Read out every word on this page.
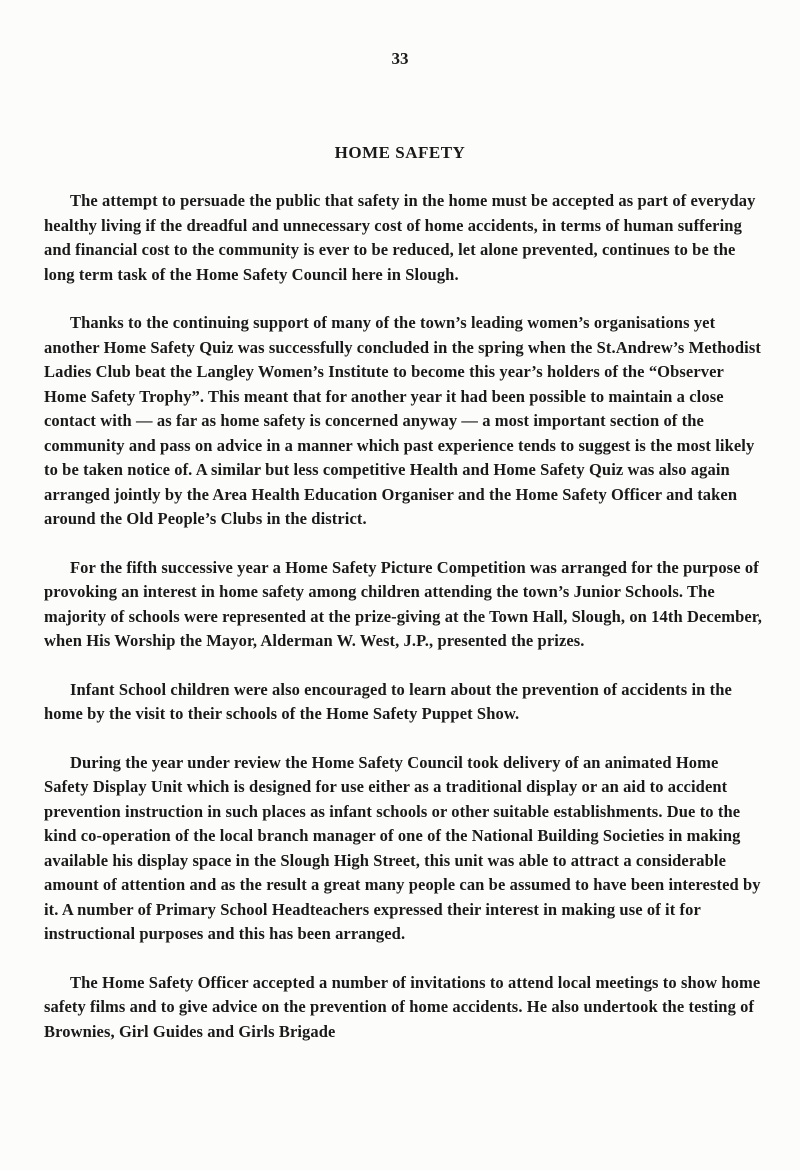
33
HOME SAFETY

The attempt to persuade the public that safety in the home must be accepted as part of everyday healthy living if the dreadful and unnecessary cost of home accidents, in terms of human suffering and financial cost to the community is ever to be reduced, let alone prevented, continues to be the long term task of the Home Safety Council here in Slough.

Thanks to the continuing support of many of the town’s leading women’s organisations yet another Home Safety Quiz was successfully concluded in the spring when the St.Andrew’s Methodist Ladies Club beat the Langley Women’s Institute to become this year’s holders of the “Observer Home Safety Trophy”. This meant that for another year it had been possible to maintain a close contact with — as far as home safety is concerned anyway — a most important section of the community and pass on advice in a manner which past experience tends to suggest is the most likely to be taken notice of. A similar but less competitive Health and Home Safety Quiz was also again arranged jointly by the Area Health Education Organiser and the Home Safety Officer and taken around the Old People’s Clubs in the district.

For the fifth successive year a Home Safety Picture Competition was arranged for the purpose of provoking an interest in home safety among children attending the town’s Junior Schools. The majority of schools were represented at the prize-giving at the Town Hall, Slough, on 14th December, when His Worship the Mayor, Alderman W. West, J.P., presented the prizes.

Infant School children were also encouraged to learn about the prevention of accidents in the home by the visit to their schools of the Home Safety Puppet Show.

During the year under review the Home Safety Council took delivery of an animated Home Safety Display Unit which is designed for use either as a traditional display or an aid to accident prevention instruction in such places as infant schools or other suitable establishments. Due to the kind co-operation of the local branch manager of one of the National Building Societies in making available his display space in the Slough High Street, this unit was able to attract a considerable amount of attention and as the result a great many people can be assumed to have been interested by it. A number of Primary School Headteachers expressed their interest in making use of it for instructional purposes and this has been arranged.

The Home Safety Officer accepted a number of invitations to attend local meetings to show home safety films and to give advice on the prevention of home accidents. He also undertook the testing of Brownies, Girl Guides and Girls Brigade
